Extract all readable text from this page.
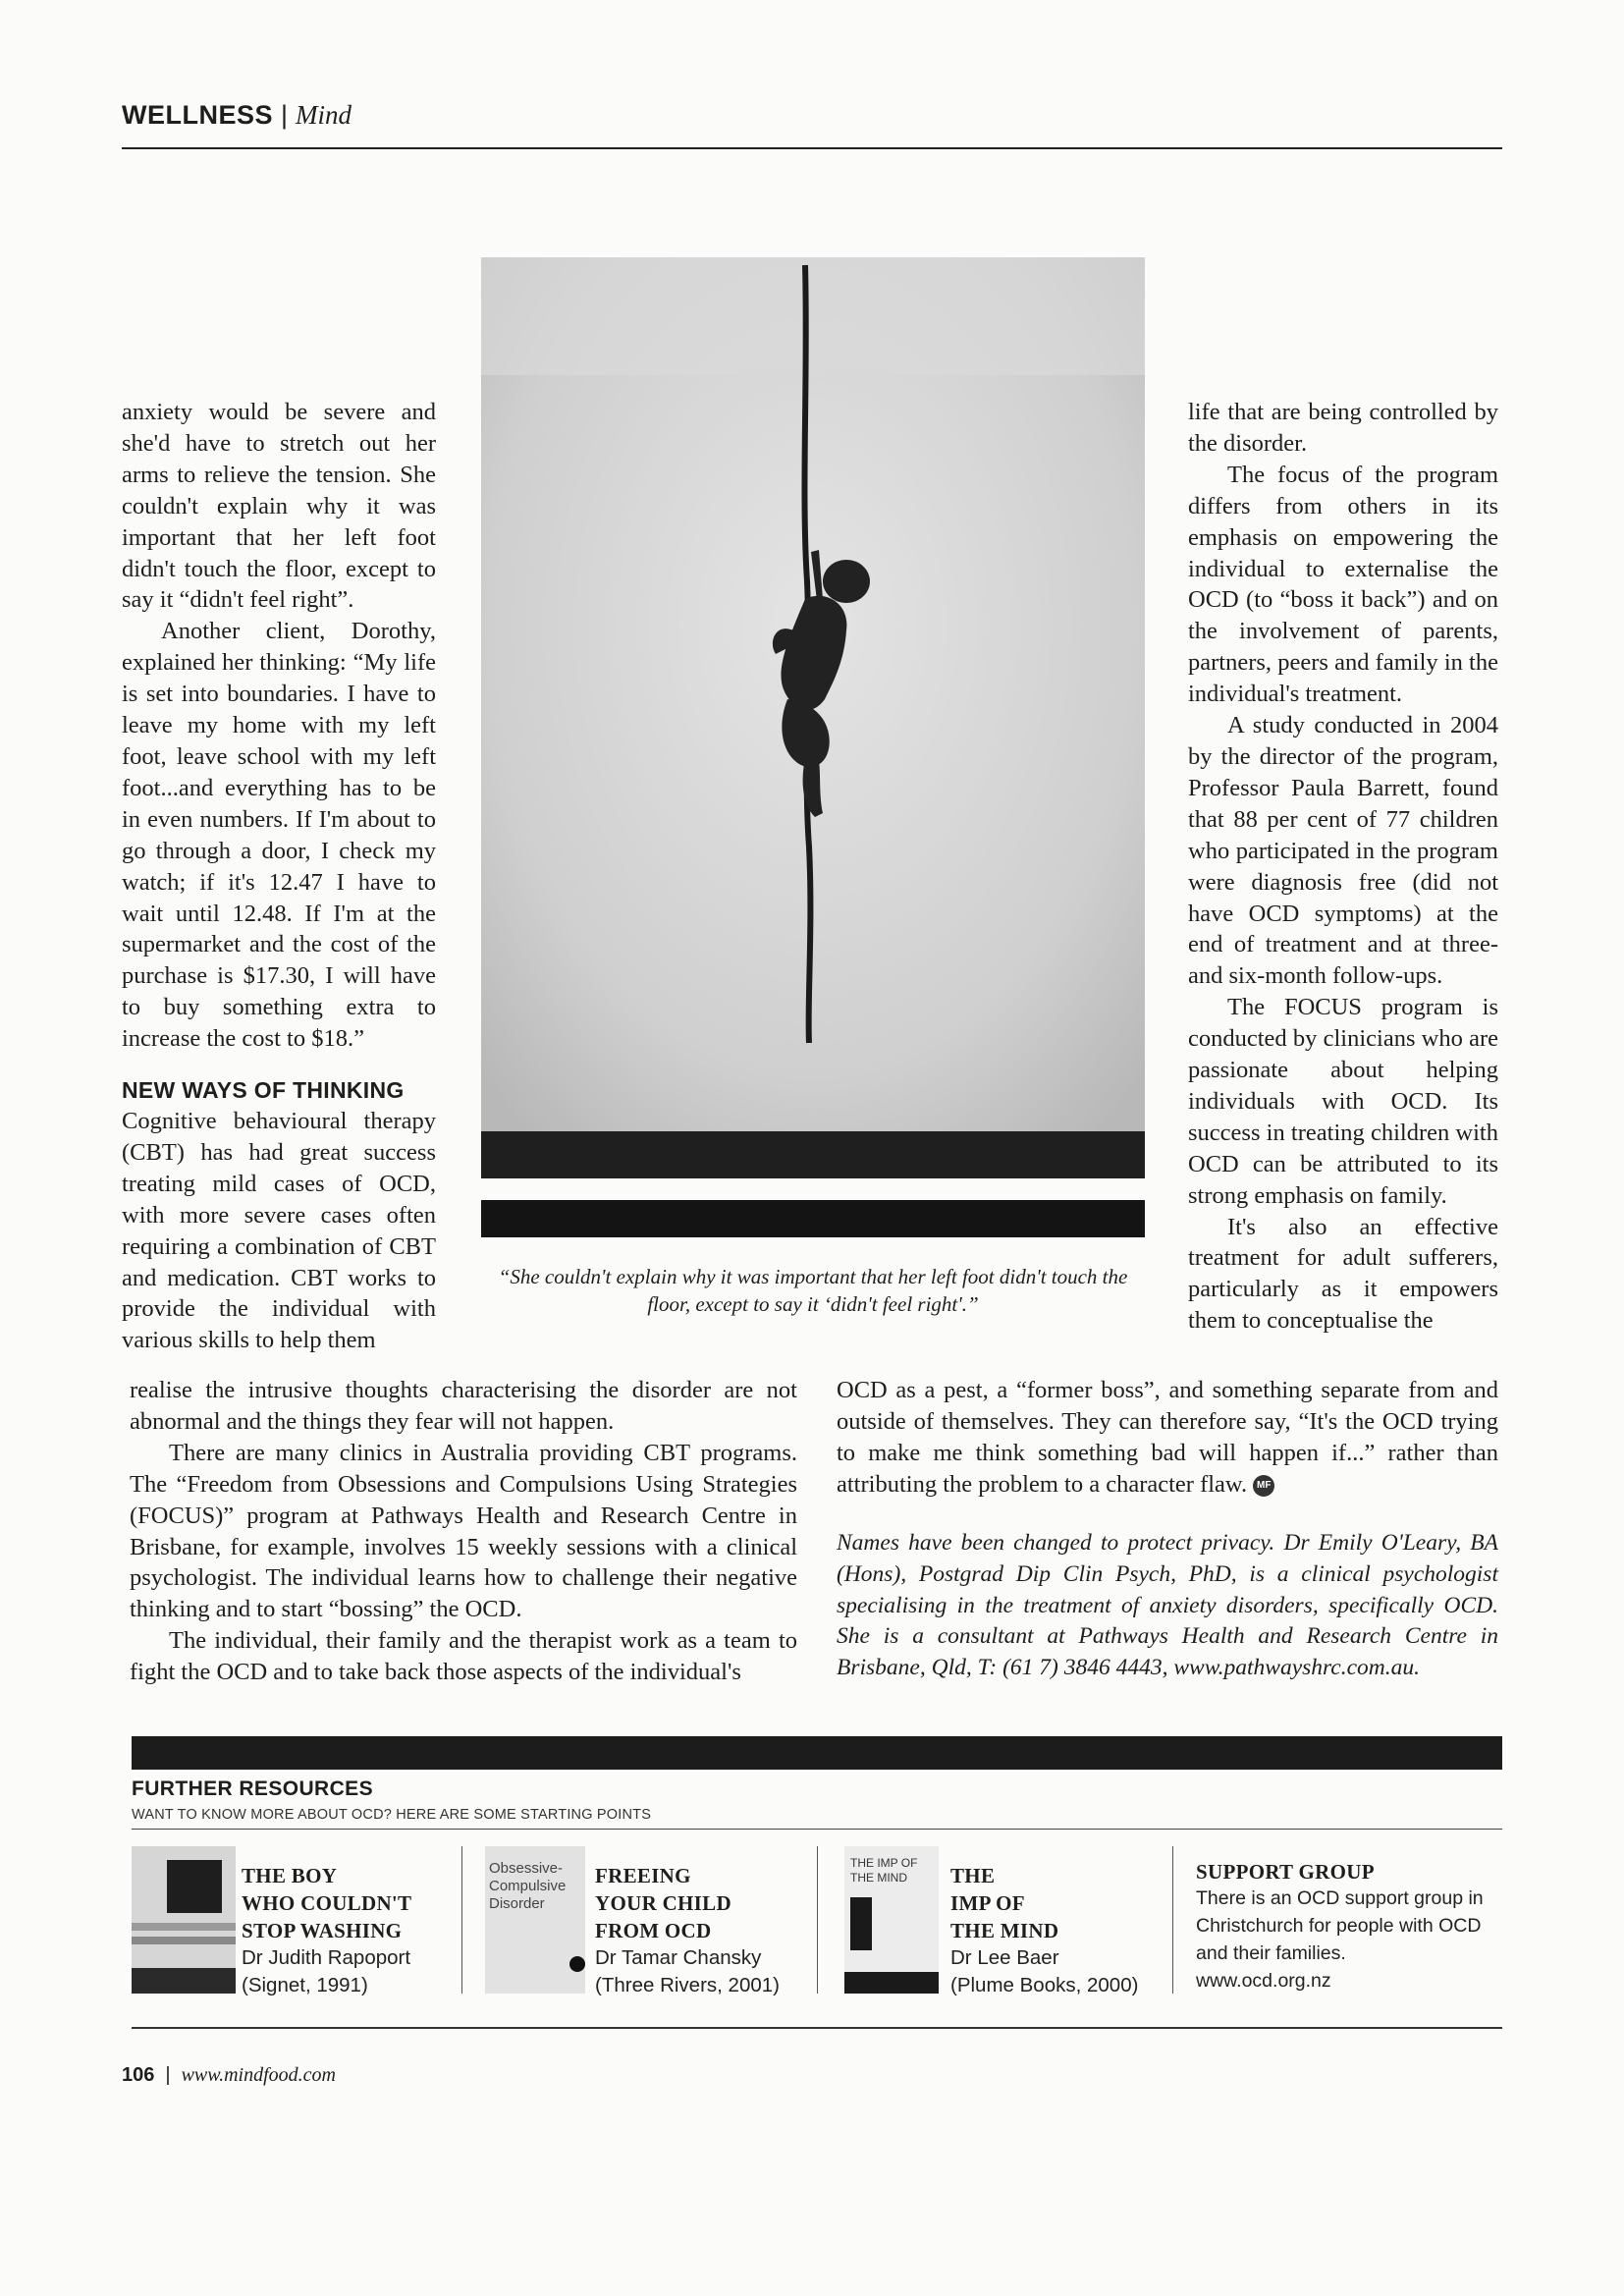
WELLNESS | Mind

anxiety would be severe and she'd have to stretch out her arms to relieve the tension. She couldn't explain why it was important that her left foot didn't touch the floor, except to say it “didn't feel right”.

Another client, Dorothy, explained her thinking: “My life is set into boundaries. I have to leave my home with my left foot, leave school with my left foot...and everything has to be in even numbers. If I'm about to go through a door, I check my watch; if it's 12.47 I have to wait until 12.48. If I'm at the supermarket and the cost of the purchase is $17.30, I will have to buy something extra to increase the cost to $18.”

NEW WAYS OF THINKING

Cognitive behavioural therapy (CBT) has had great success treating mild cases of OCD, with more severe cases often requiring a combination of CBT and medication. CBT works to provide the individual with various skills to help them

“She couldn't explain why it was important that her left foot didn't touch the floor, except to say it ‘didn't feel right'.”

life that are being controlled by the disorder.

The focus of the program differs from others in its emphasis on empowering the individual to externalise the OCD (to “boss it back”) and on the involvement of parents, partners, peers and family in the individual's treatment.

A study conducted in 2004 by the director of the program, Professor Paula Barrett, found that 88 per cent of 77 children who participated in the program were diagnosis free (did not have OCD symptoms) at the end of treatment and at three- and six-month follow-ups.

The FOCUS program is conducted by clinicians who are passionate about helping individuals with OCD. Its success in treating children with OCD can be attributed to its strong emphasis on family.

It's also an effective treatment for adult sufferers, particularly as it empowers them to conceptualise the

realise the intrusive thoughts characterising the disorder are not abnormal and the things they fear will not happen.

There are many clinics in Australia providing CBT programs. The “Freedom from Obsessions and Compulsions Using Strategies (FOCUS)” program at Pathways Health and Research Centre in Brisbane, for example, involves 15 weekly sessions with a clinical psychologist. The individual learns how to challenge their negative thinking and to start “bossing” the OCD.

The individual, their family and the therapist work as a team to fight the OCD and to take back those aspects of the individual's

OCD as a pest, a “former boss”, and something separate from and outside of themselves. They can therefore say, “It's the OCD trying to make me think something bad will happen if...” rather than attributing the problem to a character flaw. MF

Names have been changed to protect privacy. Dr Emily O'Leary, BA (Hons), Postgrad Dip Clin Psych, PhD, is a clinical psychologist specialising in the treatment of anxiety disorders, specifically OCD. She is a consultant at Pathways Health and Research Centre in Brisbane, Qld, T: (61 7) 3846 4443, www.pathwayshrc.com.au.
FURTHER RESOURCES
WANT TO KNOW MORE ABOUT OCD? HERE ARE SOME STARTING POINTS
THE BOY
WHO COULDN'T
STOP WASHING
Dr Judith Rapoport
(Signet, 1991)
Obsessive-
Compulsive
Disorder
FREEING
YOUR CHILD
FROM OCD
Dr Tamar Chansky
(Three Rivers, 2001)
THE IMP OF
THE MIND	THE
IMP OF
THE MIND
Dr Lee Baer
(Plume Books, 2000)
SUPPORT GROUP
There is an OCD support group in
Christchurch for people with OCD
and their families.
www.ocd.org.nz
106 | www.mindfood.com
